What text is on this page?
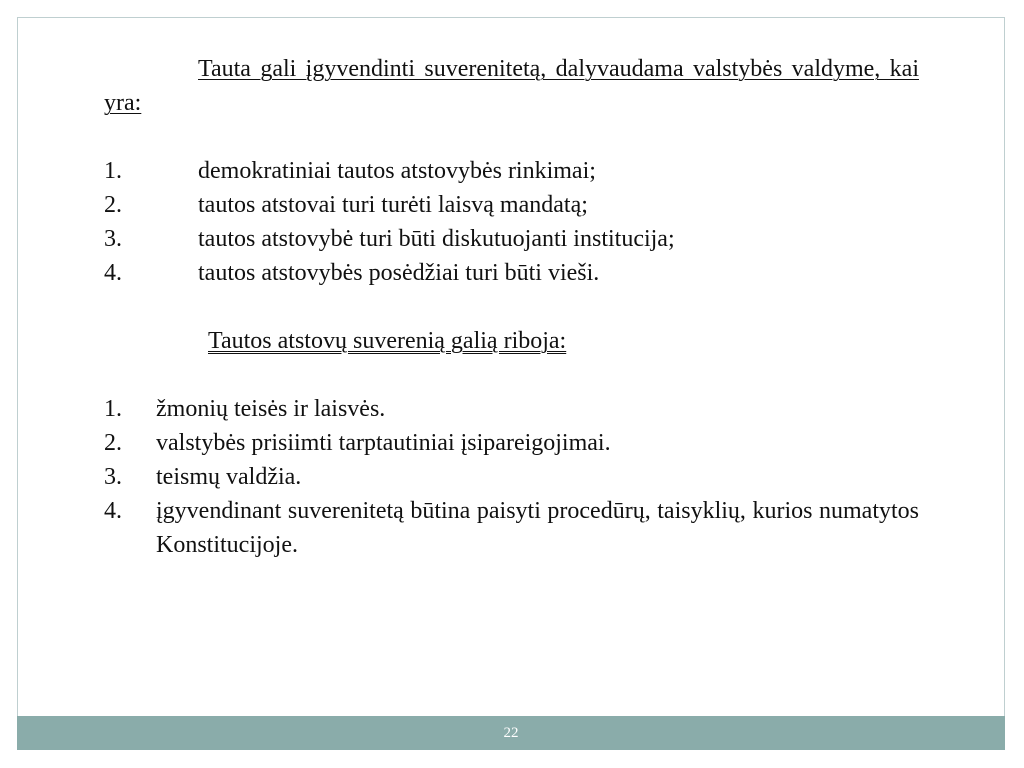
Tauta gali įgyvendinti suverenitetą, dalyvaudama valstybės valdyme, kai yra:

1.	demokratiniai tautos atstovybės rinkimai;
2.	tautos atstovai turi turėti laisvą mandatą;
3.	tautos atstovybė turi būti diskutuojanti institucija;
4.	tautos atstovybės posėdžiai turi būti vieši.

Tautos atstovų suverenią galią riboja:

1.	žmonių teisės ir laisvės.
2.	valstybės prisiimti tarptautiniai įsipareigojimai.
3.	teismų valdžia.
4.	įgyvendinant suverenitetą būtina paisyti procedūrų, taisyklių, kurios numatytos Konstitucijoje.
22
